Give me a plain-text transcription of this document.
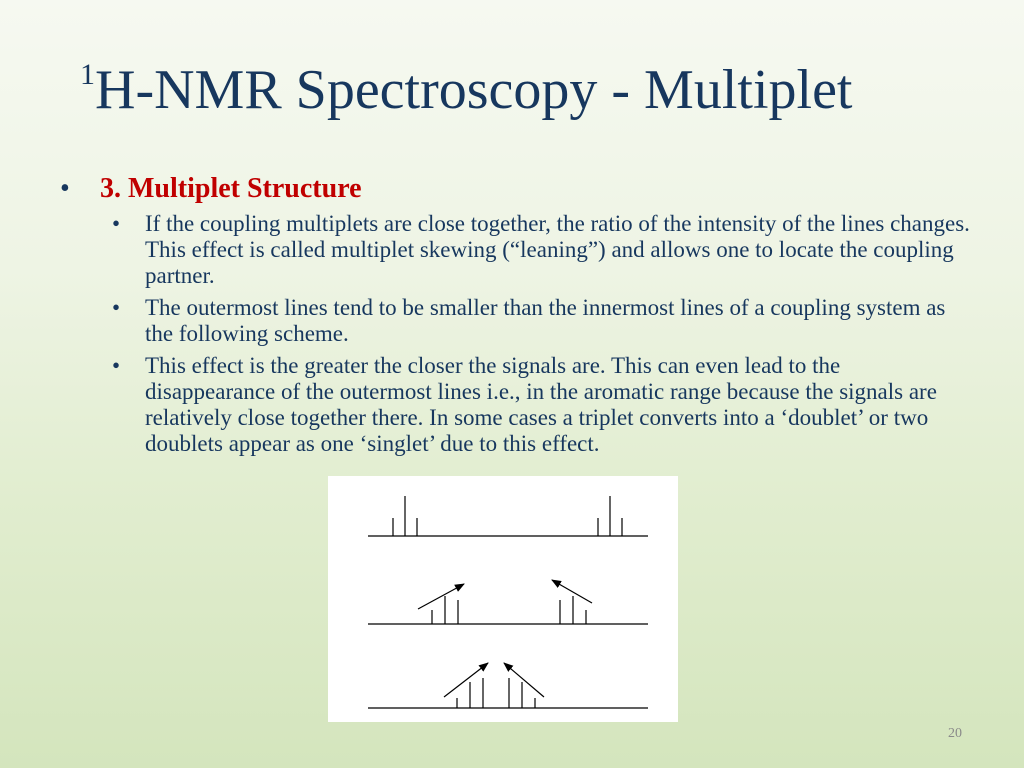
$^1$H-NMR Spectroscopy - Multiplet
• 3. Multiplet Structure
• If the coupling multiplets are close together, the ratio of the intensity of the lines changes. This effect is called multiplet skewing (“leaning”) and allows one to locate the coupling partner.
• The outermost lines tend to be smaller than the innermost lines of a coupling system as the following scheme.
• This effect is the greater the closer the signals are. This can even lead to the disappearance of the outermost lines i.e., in the aromatic range because the signals are relatively close together there. In some cases a triplet converts into a ‘doublet’ or two doublets appear as one ‘singlet’ due to this effect.
20
